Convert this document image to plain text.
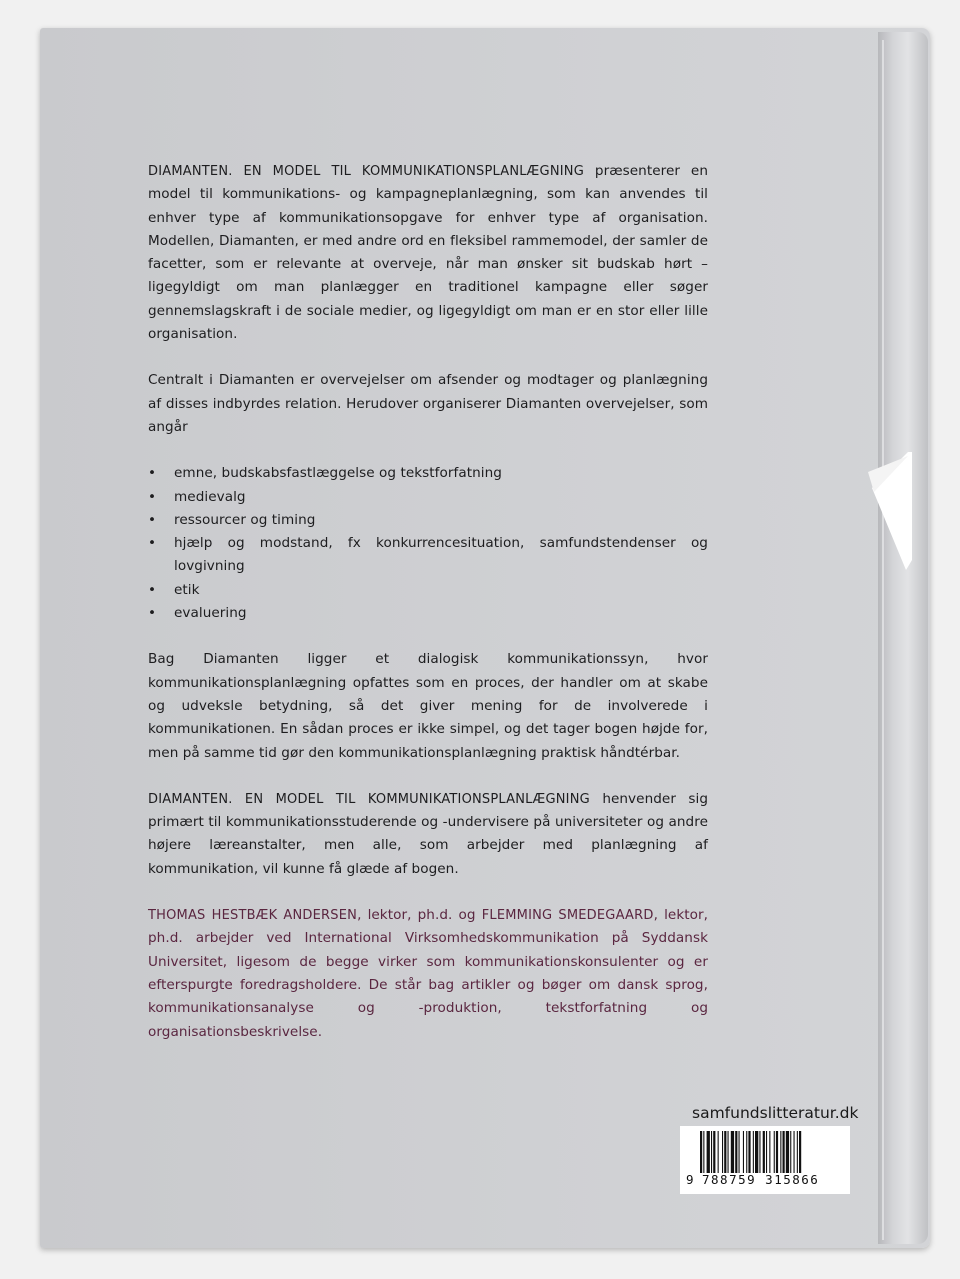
DIAMANTEN. EN MODEL TIL KOMMUNIKATIONSPLANLÆGNING præsenterer en model til kommunikations- og kampagneplanlægning, som kan anvendes til enhver type af kommunikationsopgave for enhver type af organisation. Modellen, Diamanten, er med andre ord en fleksibel rammemodel, der samler de facetter, som er relevante at overveje, når man ønsker sit budskab hørt – ligegyldigt om man planlægger en traditionel kampagne eller søger gennemslagskraft i de sociale medier, og ligegyldigt om man er en stor eller lille organisation.

Centralt i Diamanten er overvejelser om afsender og modtager og planlægning af disses indbyrdes relation. Herudover organiserer Diamanten overvejelser, som angår

• emne, budskabsfastlæggelse og tekstforfatning
• medievalg
• ressourcer og timing
• hjælp og modstand, fx konkurrencesituation, samfundstendenser og lovgivning
• etik
• evaluering

Bag Diamanten ligger et dialogisk kommunikationssyn, hvor kommunikationsplanlægning opfattes som en proces, der handler om at skabe og udveksle betydning, så det giver mening for de involverede i kommunikationen. En sådan proces er ikke simpel, og det tager bogen højde for, men på samme tid gør den kommunikationsplanlægning praktisk håndtérbar.

DIAMANTEN. EN MODEL TIL KOMMUNIKATIONSPLANLÆGNING henvender sig primært til kommunikationsstuderende og -undervisere på universiteter og andre højere læreanstalter, men alle, som arbejder med planlægning af kommunikation, vil kunne få glæde af bogen.

THOMAS HESTBÆK ANDERSEN, lektor, ph.d. og FLEMMING SMEDEGAARD, lektor, ph.d. arbejder ved International Virksomhedskommunikation på Syddansk Universitet, ligesom de begge virker som kommunikationskonsulenter og er efterspurgte foredragsholdere. De står bag artikler og bøger om dansk sprog, kommunikationsanalyse og -produktion, tekstforfatning og organisationsbeskrivelse.

samfundslitteratur.dk
9 788759 315866
